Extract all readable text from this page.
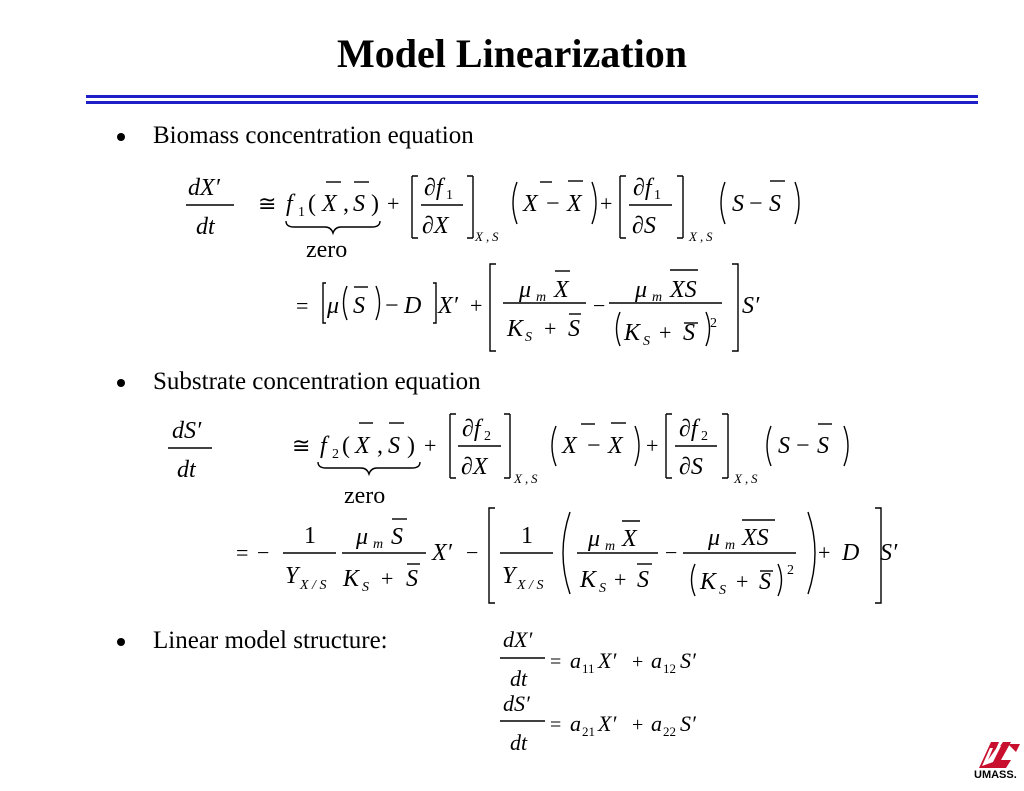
Model Linearization
Biomass concentration equation
Substrate concentration equation
Linear model structure:
dX′
dt
≅ f 1 ( X , S ) +
∂f 1
∂X X , S
X − X +
∂f 1
∂S	X , S
S − S
zero
= μ S − D X′ +
μ m X
K S + S
−
μ m XS
K S + S 2
S′
dS′
dt
≅ f 2 ( X , S ) +
∂f 2
∂X X , S
X − X +
∂f 2
∂S X , S
S − S
zero
= −
1
Y X / S
μ m S
K S + S
X′ −
1
Y X / S
μ m X
K S + S
−
μ m XS
K S + S 2
+ D S′
dX′
dt
= a 11 X′ + a 12 S′
dS′
dt
= a 21 X′ + a 22 S′
UMASS.
